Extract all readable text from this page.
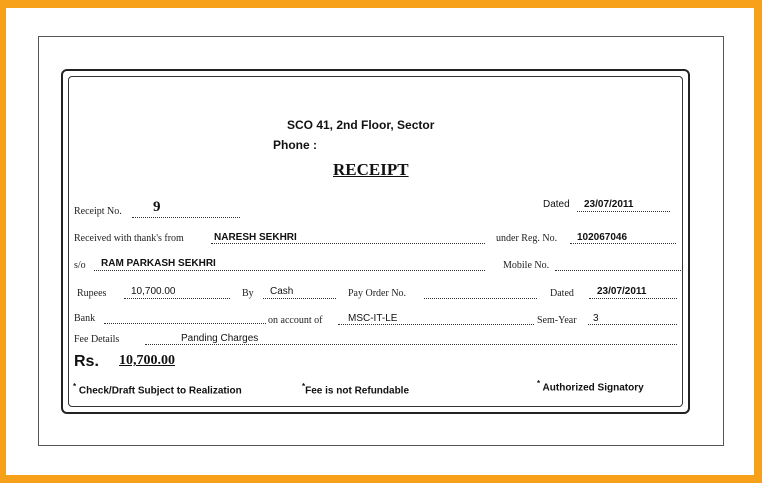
SCO 41, 2nd Floor, Sector
Phone :
RECEIPT
Receipt No. 9	Dated 23/07/2011
Received with thank's from	NARESH SEKHRI	under Reg. No. 102067046
s/o RAM PARKASH SEKHRI	Mobile No.
Rupees 10,700.00	By Cash	Pay Order No.	Dated 23/07/2011
Bank	on account of	MSC-IT-LE	Sem-Year 3
Fee Details	Panding Charges
Rs. 10,700.00
* Check/Draft Subject to Realization	*Fee is not Refundable
* Authorized Signatory
